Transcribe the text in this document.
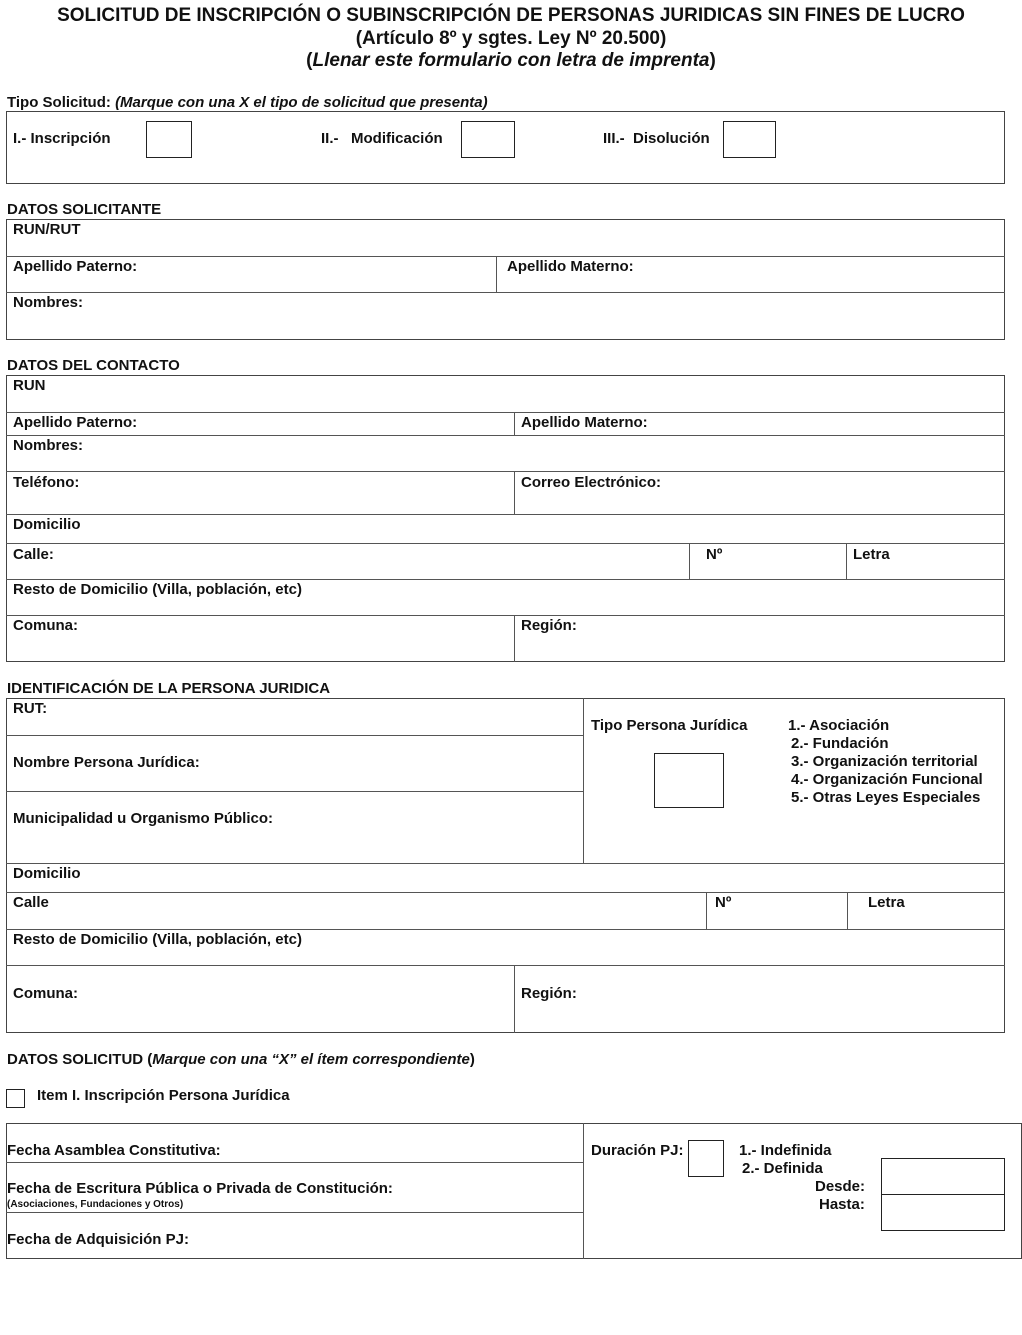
SOLICITUD DE INSCRIPCIÓN O SUBINSCRIPCIÓN DE PERSONAS JURIDICAS SIN FINES DE LUCRO
(Artículo 8º y sgtes. Ley Nº 20.500)
(Llenar este formulario con letra de imprenta)
Tipo Solicitud: (Marque con una X el tipo de solicitud que presenta)
I.- Inscripción	II.-   Modificación	III.-  Disolución
DATOS SOLICITANTE
RUN/RUT
Apellido Paterno:	Apellido Materno:
Nombres:
DATOS DEL CONTACTO
RUN
Apellido Paterno:	Apellido Materno:
Nombres:
Teléfono:	Correo Electrónico:
Domicilio
Calle:	Nº	Letra
Resto de Domicilio (Villa, población, etc)
Comuna:	Región:
IDENTIFICACIÓN DE LA PERSONA JURIDICA
RUT:
Nombre Persona Jurídica:
Municipalidad u Organismo Público:
Tipo Persona Jurídica	1.- Asociación
2.- Fundación
3.- Organización territorial
4.- Organización Funcional
5.- Otras Leyes Especiales
Domicilio
Calle	Nº	Letra
Resto de Domicilio (Villa, población, etc)
Comuna:	Región:
DATOS SOLICITUD (Marque con una “X” el ítem correspondiente)
Item I. Inscripción Persona Jurídica
Fecha Asamblea Constitutiva:
Fecha de Escritura Pública o Privada de Constitución:
(Asociaciones, Fundaciones y Otros)
Fecha de Adquisición PJ:
Duración PJ:	1.- Indefinida
2.- Definida
Desde:
Hasta:
